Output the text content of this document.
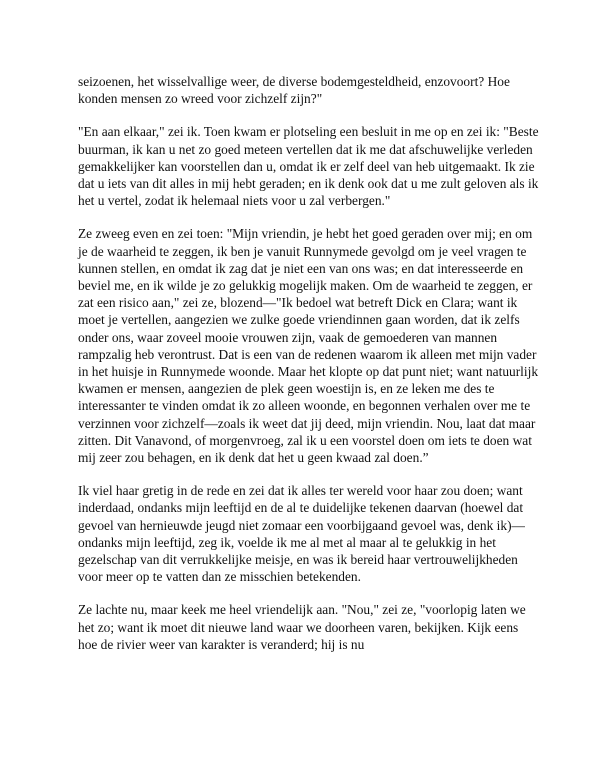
seizoenen, het wisselvallige weer, de diverse bodemgesteldheid, enzovoort? Hoe konden mensen zo wreed voor zichzelf zijn?"

"En aan elkaar," zei ik. Toen kwam er plotseling een besluit in me op en zei ik: "Beste buurman, ik kan u net zo goed meteen vertellen dat ik me dat afschuwelijke verleden gemakkelijker kan voorstellen dan u, omdat ik er zelf deel van heb uitgemaakt. Ik zie dat u iets van dit alles in mij hebt geraden; en ik denk ook dat u me zult geloven als ik het u vertel, zodat ik helemaal niets voor u zal verbergen."

Ze zweeg even en zei toen: "Mijn vriendin, je hebt het goed geraden over mij; en om je de waarheid te zeggen, ik ben je vanuit Runnymede gevolgd om je veel vragen te kunnen stellen, en omdat ik zag dat je niet een van ons was; en dat interesseerde en beviel me, en ik wilde je zo gelukkig mogelijk maken. Om de waarheid te zeggen, er zat een risico aan," zei ze, blozend—"Ik bedoel wat betreft Dick en Clara; want ik moet je vertellen, aangezien we zulke goede vriendinnen gaan worden, dat ik zelfs onder ons, waar zoveel mooie vrouwen zijn, vaak de gemoederen van mannen rampzalig heb verontrust. Dat is een van de redenen waarom ik alleen met mijn vader in het huisje in Runnymede woonde. Maar het klopte op dat punt niet; want natuurlijk kwamen er mensen, aangezien de plek geen woestijn is, en ze leken me des te interessanter te vinden omdat ik zo alleen woonde, en begonnen verhalen over me te verzinnen voor zichzelf—zoals ik weet dat jij deed, mijn vriendin. Nou, laat dat maar zitten. Dit Vanavond, of morgenvroeg, zal ik u een voorstel doen om iets te doen wat mij zeer zou behagen, en ik denk dat het u geen kwaad zal doen.”

Ik viel haar gretig in de rede en zei dat ik alles ter wereld voor haar zou doen; want inderdaad, ondanks mijn leeftijd en de al te duidelijke tekenen daarvan (hoewel dat gevoel van hernieuwde jeugd niet zomaar een voorbijgaand gevoel was, denk ik)—ondanks mijn leeftijd, zeg ik, voelde ik me al met al maar al te gelukkig in het gezelschap van dit verrukkelijke meisje, en was ik bereid haar vertrouwelijkheden voor meer op te vatten dan ze misschien betekenden.

Ze lachte nu, maar keek me heel vriendelijk aan. "Nou," zei ze, "voorlopig laten we het zo; want ik moet dit nieuwe land waar we doorheen varen, bekijken. Kijk eens hoe de rivier weer van karakter is veranderd; hij is nu
